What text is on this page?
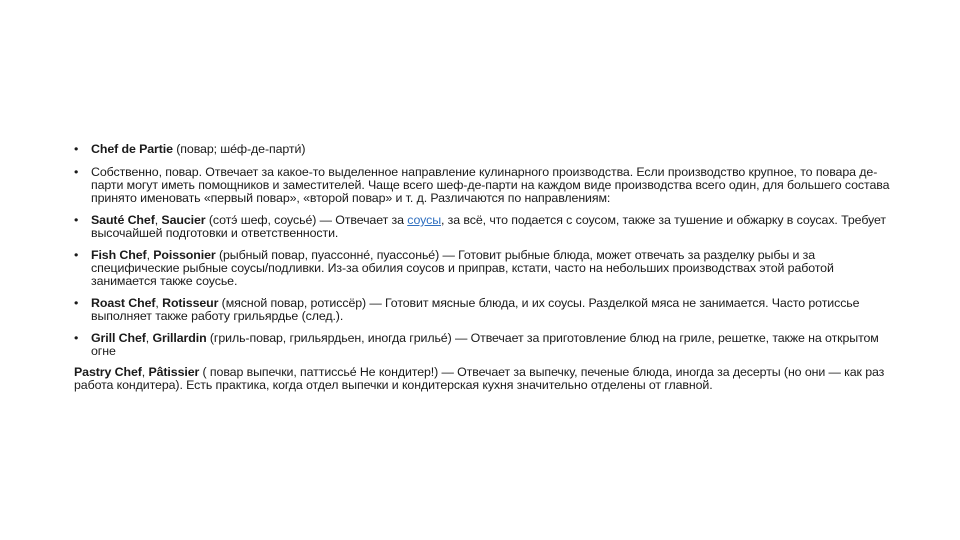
•	Chef de Partie (повар; ше́ф-де-парти́)
•	Собственно, повар. Отвечает за какое-то выделенное направление кулинарного производства. Если производство крупное, то повара де-парти могут иметь помощников и заместителей. Чаще всего шеф-де-парти на каждом виде производства всего один, для большего состава принято именовать «первый повар», «второй повар» и т. д. Различаются по направлениям:
•	Sauté Chef, Saucier (сотэ́ шеф, соусье́) — Отвечает за соусы, за всё, что подается с соусом, также за тушение и обжарку в соусах. Требует высочайшей подготовки и ответственности.
•	Fish Chef, Poissonier (рыбный повар, пуассонне́, пуассонье́) — Готовит рыбные блюда, может отвечать за разделку рыбы и за специфические рыбные соусы/подливки. Из-за обилия соусов и приправ, кстати, часто на небольших производствах этой работой занимается также соусье.
•	Roast Chef, Rotisseur (мясной повар, ротиссёр) — Готовит мясные блюда, и их соусы. Разделкой мяса не занимается. Часто ротиссье выполняет также работу грильярдье (след.).
•	Grill Chef, Grillardin (гриль-повар, грильярдьен, иногда грилье́) — Отвечает за приготовление блюд на гриле, решетке, также на открытом огне

Pastry Chef, Pâtissier ( повар выпечки, паттиссье́ Не кондитер!) — Отвечает за выпечку, печеные блюда, иногда за десерты (но они — как раз работа кондитера). Есть практика, когда отдел выпечки и кондитерская кухня значительно отделены от главной.
